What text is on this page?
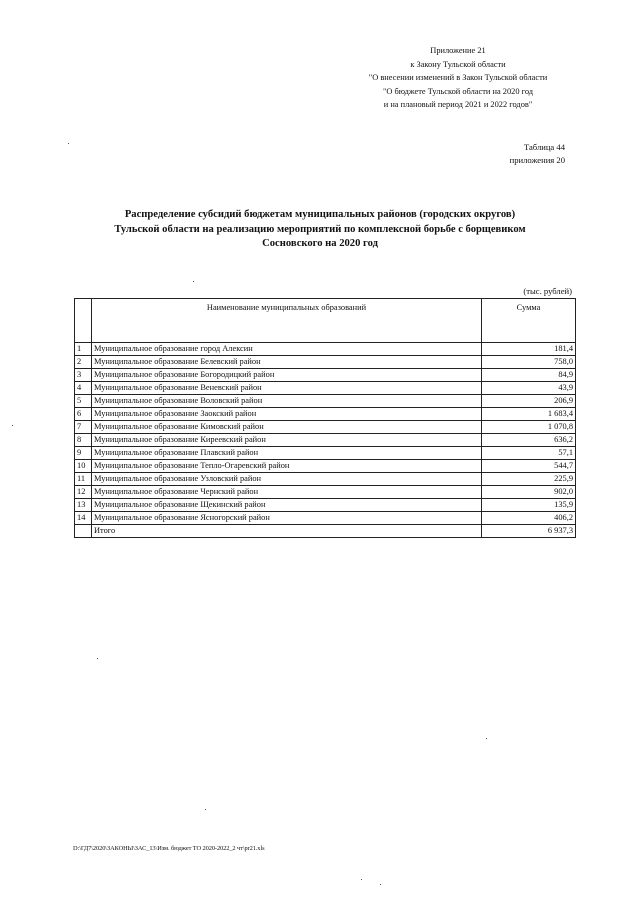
Приложение 21
к Закону Тульской области
"О внесении изменений в Закон Тульской области
"О бюджете Тульской области на 2020 год
и на плановый период 2021 и 2022 годов"
Таблица 44
приложения 20
Распределение субсидий бюджетам муниципальных районов (городских округов)
Тульской области на реализацию мероприятий по комплексной борьбе с борщевиком
Сосновского на 2020 год
(тыс. рублей)
	Наименование муниципальных образований	Сумма
1	Муниципальное образование город Алексин	181,4
2	Муниципальное образование Белевский район	758,0
3	Муниципальное образование Богородицкий район	84,9
4	Муниципальное образование Веневский район	43,9
5	Муниципальное образование Воловский район	206,9
6	Муниципальное образование Заокский район	1 683,4
7	Муниципальное образование Кимовский район	1 070,8
8	Муниципальное образование Киреевский район	636,2
9	Муниципальное образование Плавский район	57,1
10	Муниципальное образование Тепло-Огаревский район	544,7
11	Муниципальное образование Узловский район	225,9
12	Муниципальное образование Чернский район	902,0
13	Муниципальное образование Щекинский район	135,9
14	Муниципальное образование Ясногорский район	406,2
	Итого	6 937,3
D:\ГД7\2020\ЗАКОНЫ\ЗАС_13\Изм. бюджет ТО 2020-2022_2 чт\pr21.xls
